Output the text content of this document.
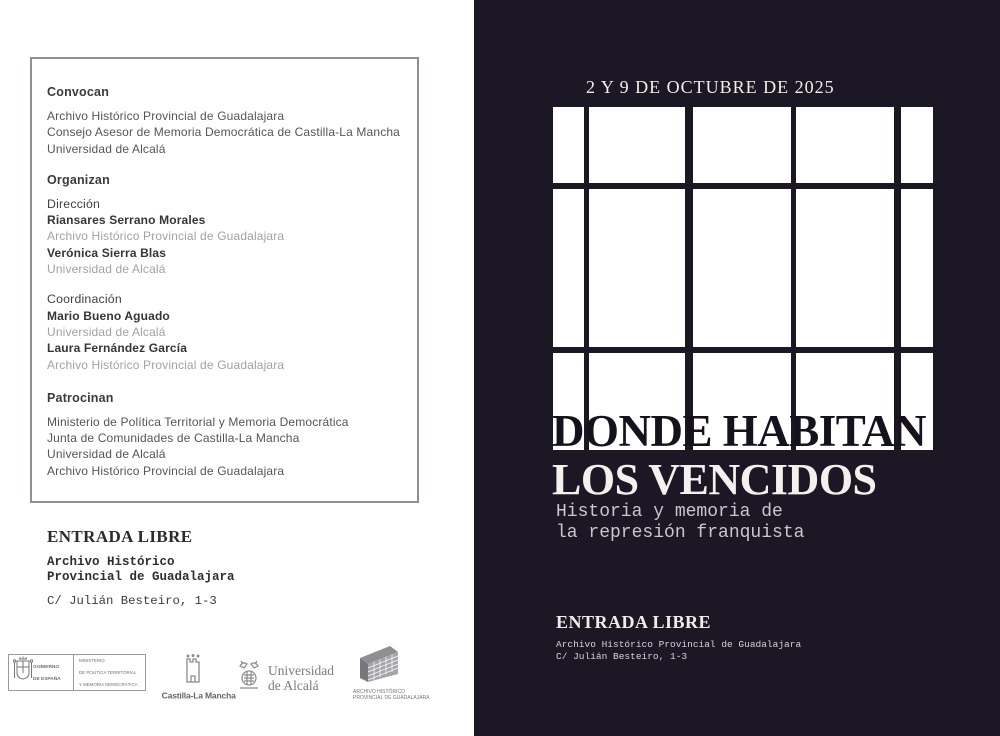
Convocan
Archivo Histórico Provincial de Guadalajara
Consejo Asesor de Memoria Democrática de Castilla-La Mancha
Universidad de Alcalá
Organizan
Dirección
Riansares Serrano Morales
Archivo Histórico Provincial de Guadalajara
Verónica Sierra Blas
Universidad de Alcalá
Coordinación
Mario Bueno Aguado
Universidad de Alcalá
Laura Fernández García
Archivo Histórico Provincial de Guadalajara
Patrocinan
Ministerio de Política Territorial y Memoria Democrática
Junta de Comunidades de Castilla-La Mancha
Universidad de Alcalá
Archivo Histórico Provincial de Guadalajara
ENTRADA LIBRE
Archivo Histórico
Provincial de Guadalajara
C/ Julián Besteiro, 1-3
GOBIERNO
DE ESPAÑA
MINISTERIO
DE POLÍTICA TERRITORIAL
Y MEMORIA DEMOCRÁTICA
Castilla-La Mancha
Universidad
de Alcalá	ARCHIVO HISTÓRICO
PROVINCIAL DE GUADALAJARA
2 Y 9 DE OCTUBRE DE 2025
DONDE HABITAN
LOS VENCIDOS
Historia y memoria de
la represión franquista
ENTRADA LIBRE
Archivo Histórico Provincial de Guadalajara
C/ Julián Besteiro, 1-3
